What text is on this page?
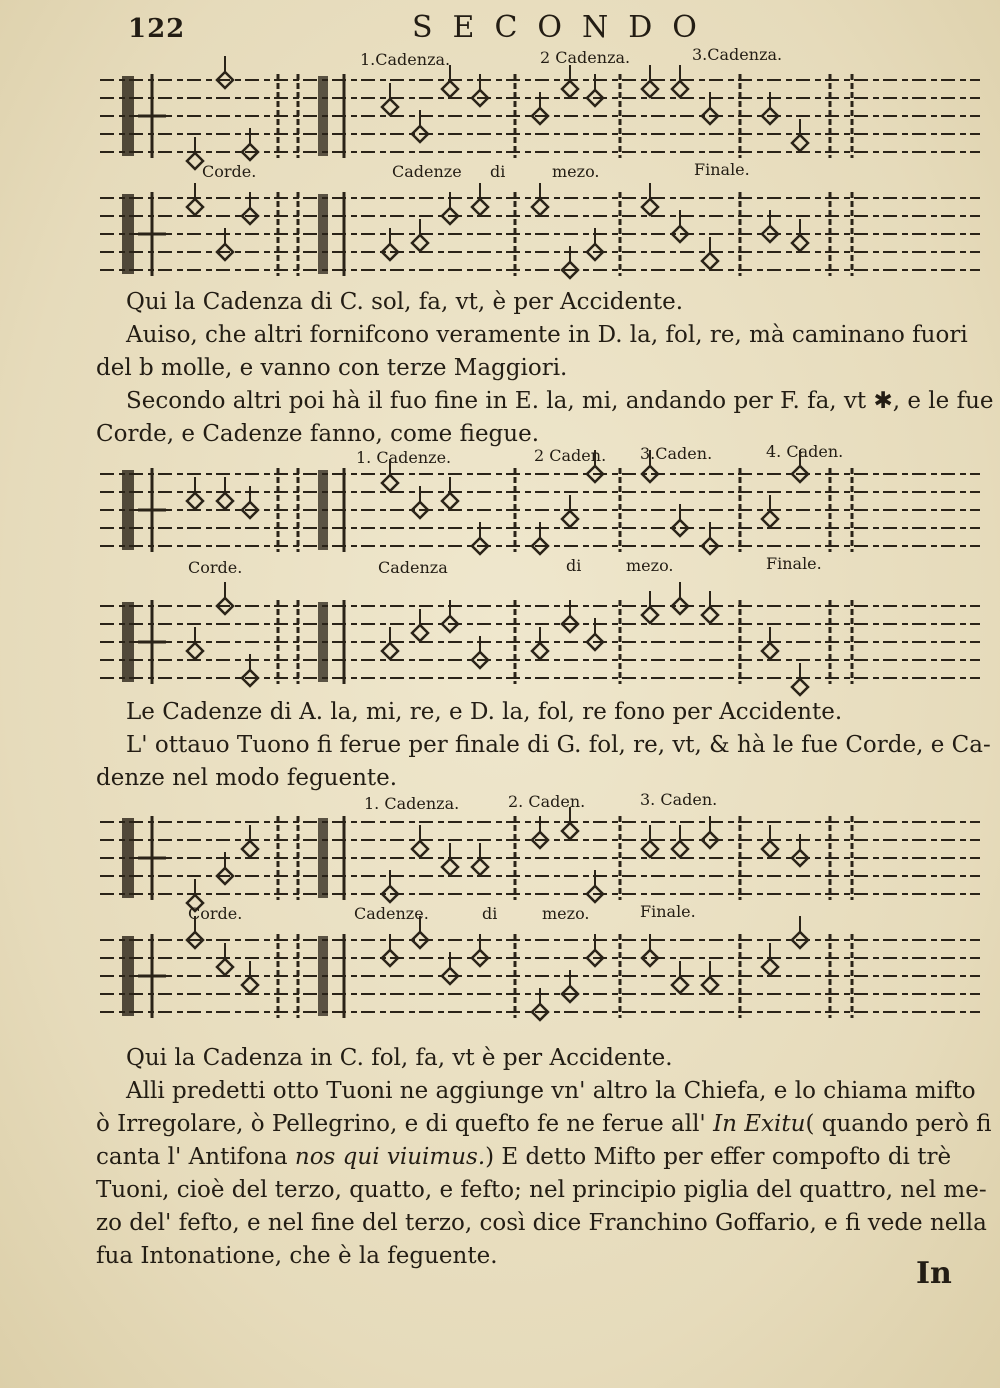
122	SECONDO
1.Cadenza.	2 Cadenza.	3.Cadenza.
Corde.	Cadenze di	mezo.	Finale.

Qui la Cadenza di C. sol, fa, vt, è per Accidente.

Auiso, che altri fornifcono veramente in D. la, fol, re, mà caminano fuori

del b molle, e vanno con terze Maggiori.

Secondo altri poi hà il fuo fine in E. la, mi, andando per F. fa, vt ✱, e le fue

Corde, e Cadenze fanno, come fiegue.

1. Cadenze.	2 Caden. 3.Caden.	4. Caden.
Corde.	Cadenza	di	mezo.	Finale.

Le Cadenze di A. la, mi, re, e D. la, fol, re fono per Accidente.

L' ottauo Tuono fi ferue per finale di G. fol, re, vt, & hà le fue Corde, e Ca-

denze nel modo feguente.

1. Cadenza.	2. Caden.	3. Caden.
Corde.	Cadenze.	di	mezo.	Finale.

Qui la Cadenza in C. fol, fa, vt è per Accidente.

Alli predetti otto Tuoni ne aggiunge vn' altro la Chiefa, e lo chiama mifto

ò Irregolare, ò Pellegrino, e di quefto fe ne ferue all' In Exitu( quando però fi

canta l' Antifona nos qui viuimus.) E detto Mifto per effer compofto di trè

Tuoni, cioè del terzo, quatto, e fefto; nel principio piglia del quattro, nel me-

zo del' fefto, e nel fine del terzo, così dice Franchino Goffario, e fi vede nella

fua Intonatione, che è la feguente.	In
